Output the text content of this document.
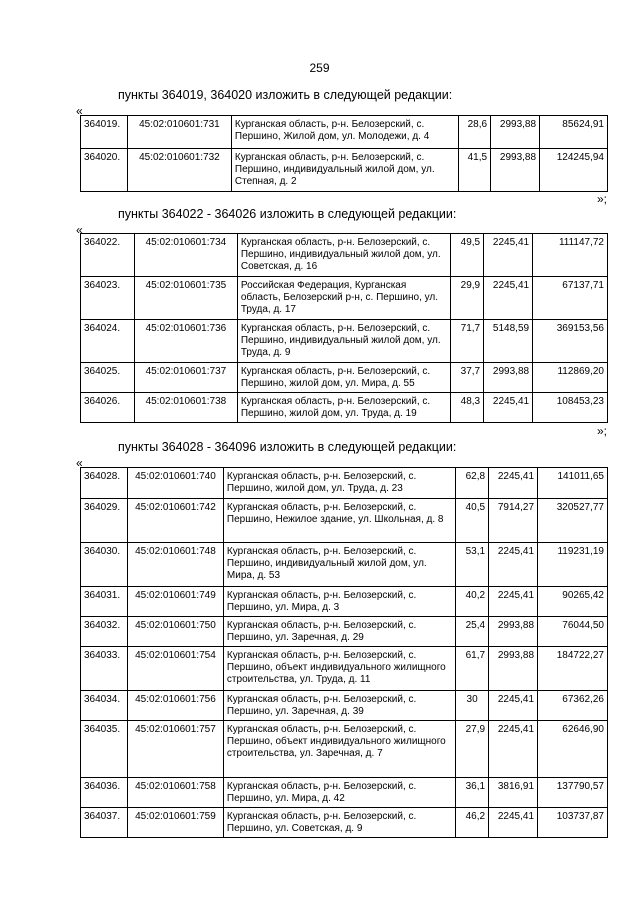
259
пункты 364019, 364020 изложить в следующей редакции:
«
364019.	45:02:010601:731	Курганская область, р-н. Белозерский, с. Першино, Жилой дом, ул. Молодежи, д. 4	28,6	2993,88	85624,91
364020.	45:02:010601:732	Курганская область, р-н. Белозерский, с. Першино, индивидуальный жилой дом, ул. Степная, д. 2	41,5	2993,88	124245,94
»;
пункты 364022 - 364026 изложить в следующей редакции:
«
364022.	45:02:010601:734	Курганская область, р-н. Белозерский, с. Першино, индивидуальный жилой дом, ул. Советская, д. 16	49,5	2245,41	111147,72
364023.	45:02:010601:735	Российская Федерация, Курганская область, Белозерский р-н, с. Першино, ул. Труда, д. 17	29,9	2245,41	67137,71
364024.	45:02:010601:736	Курганская область, р-н. Белозерский, с. Першино, индивидуальный жилой дом, ул. Труда, д. 9	71,7	5148,59	369153,56
364025.	45:02:010601:737	Курганская область, р-н. Белозерский, с. Першино, жилой дом, ул. Мира, д. 55	37,7	2993,88	112869,20
364026.	45:02:010601:738	Курганская область, р-н. Белозерский, с. Першино, жилой дом, ул. Труда, д. 19	48,3	2245,41	108453,23
»;
пункты 364028 - 364096 изложить в следующей редакции:
«
364028.	45:02:010601:740	Курганская область, р-н. Белозерский, с. Першино, жилой дом, ул. Труда, д. 23	62,8	2245,41	141011,65
364029.	45:02:010601:742	Курганская область, р-н. Белозерский, с. Першино, Нежилое здание, ул. Школьная, д. 8	40,5	7914,27	320527,77
364030.	45:02:010601:748	Курганская область, р-н. Белозерский, с. Першино, индивидуальный жилой дом, ул. Мира, д. 53	53,1	2245,41	119231,19
364031.	45:02:010601:749	Курганская область, р-н. Белозерский, с. Першино, ул. Мира, д. 3	40,2	2245,41	90265,42
364032.	45:02:010601:750	Курганская область, р-н. Белозерский, с. Першино, ул. Заречная, д. 29	25,4	2993,88	76044,50
364033.	45:02:010601:754	Курганская область, р-н. Белозерский, с. Першино, объект индивидуального жилищного строительства, ул. Труда, д. 11	61,7	2993,88	184722,27
364034.	45:02:010601:756	Курганская область, р-н. Белозерский, с. Першино, ул. Заречная, д. 39	30	2245,41	67362,26
364035.	45:02:010601:757	Курганская область, р-н. Белозерский, с. Першино, объект индивидуального жилищного строительства, ул. Заречная, д. 7	27,9	2245,41	62646,90
364036.	45:02:010601:758	Курганская область, р-н. Белозерский, с. Першино, ул. Мира, д. 42	36,1	3816,91	137790,57
364037.	45:02:010601:759	Курганская область, р-н. Белозерский, с. Першино, ул. Советская, д. 9	46,2	2245,41	103737,87
